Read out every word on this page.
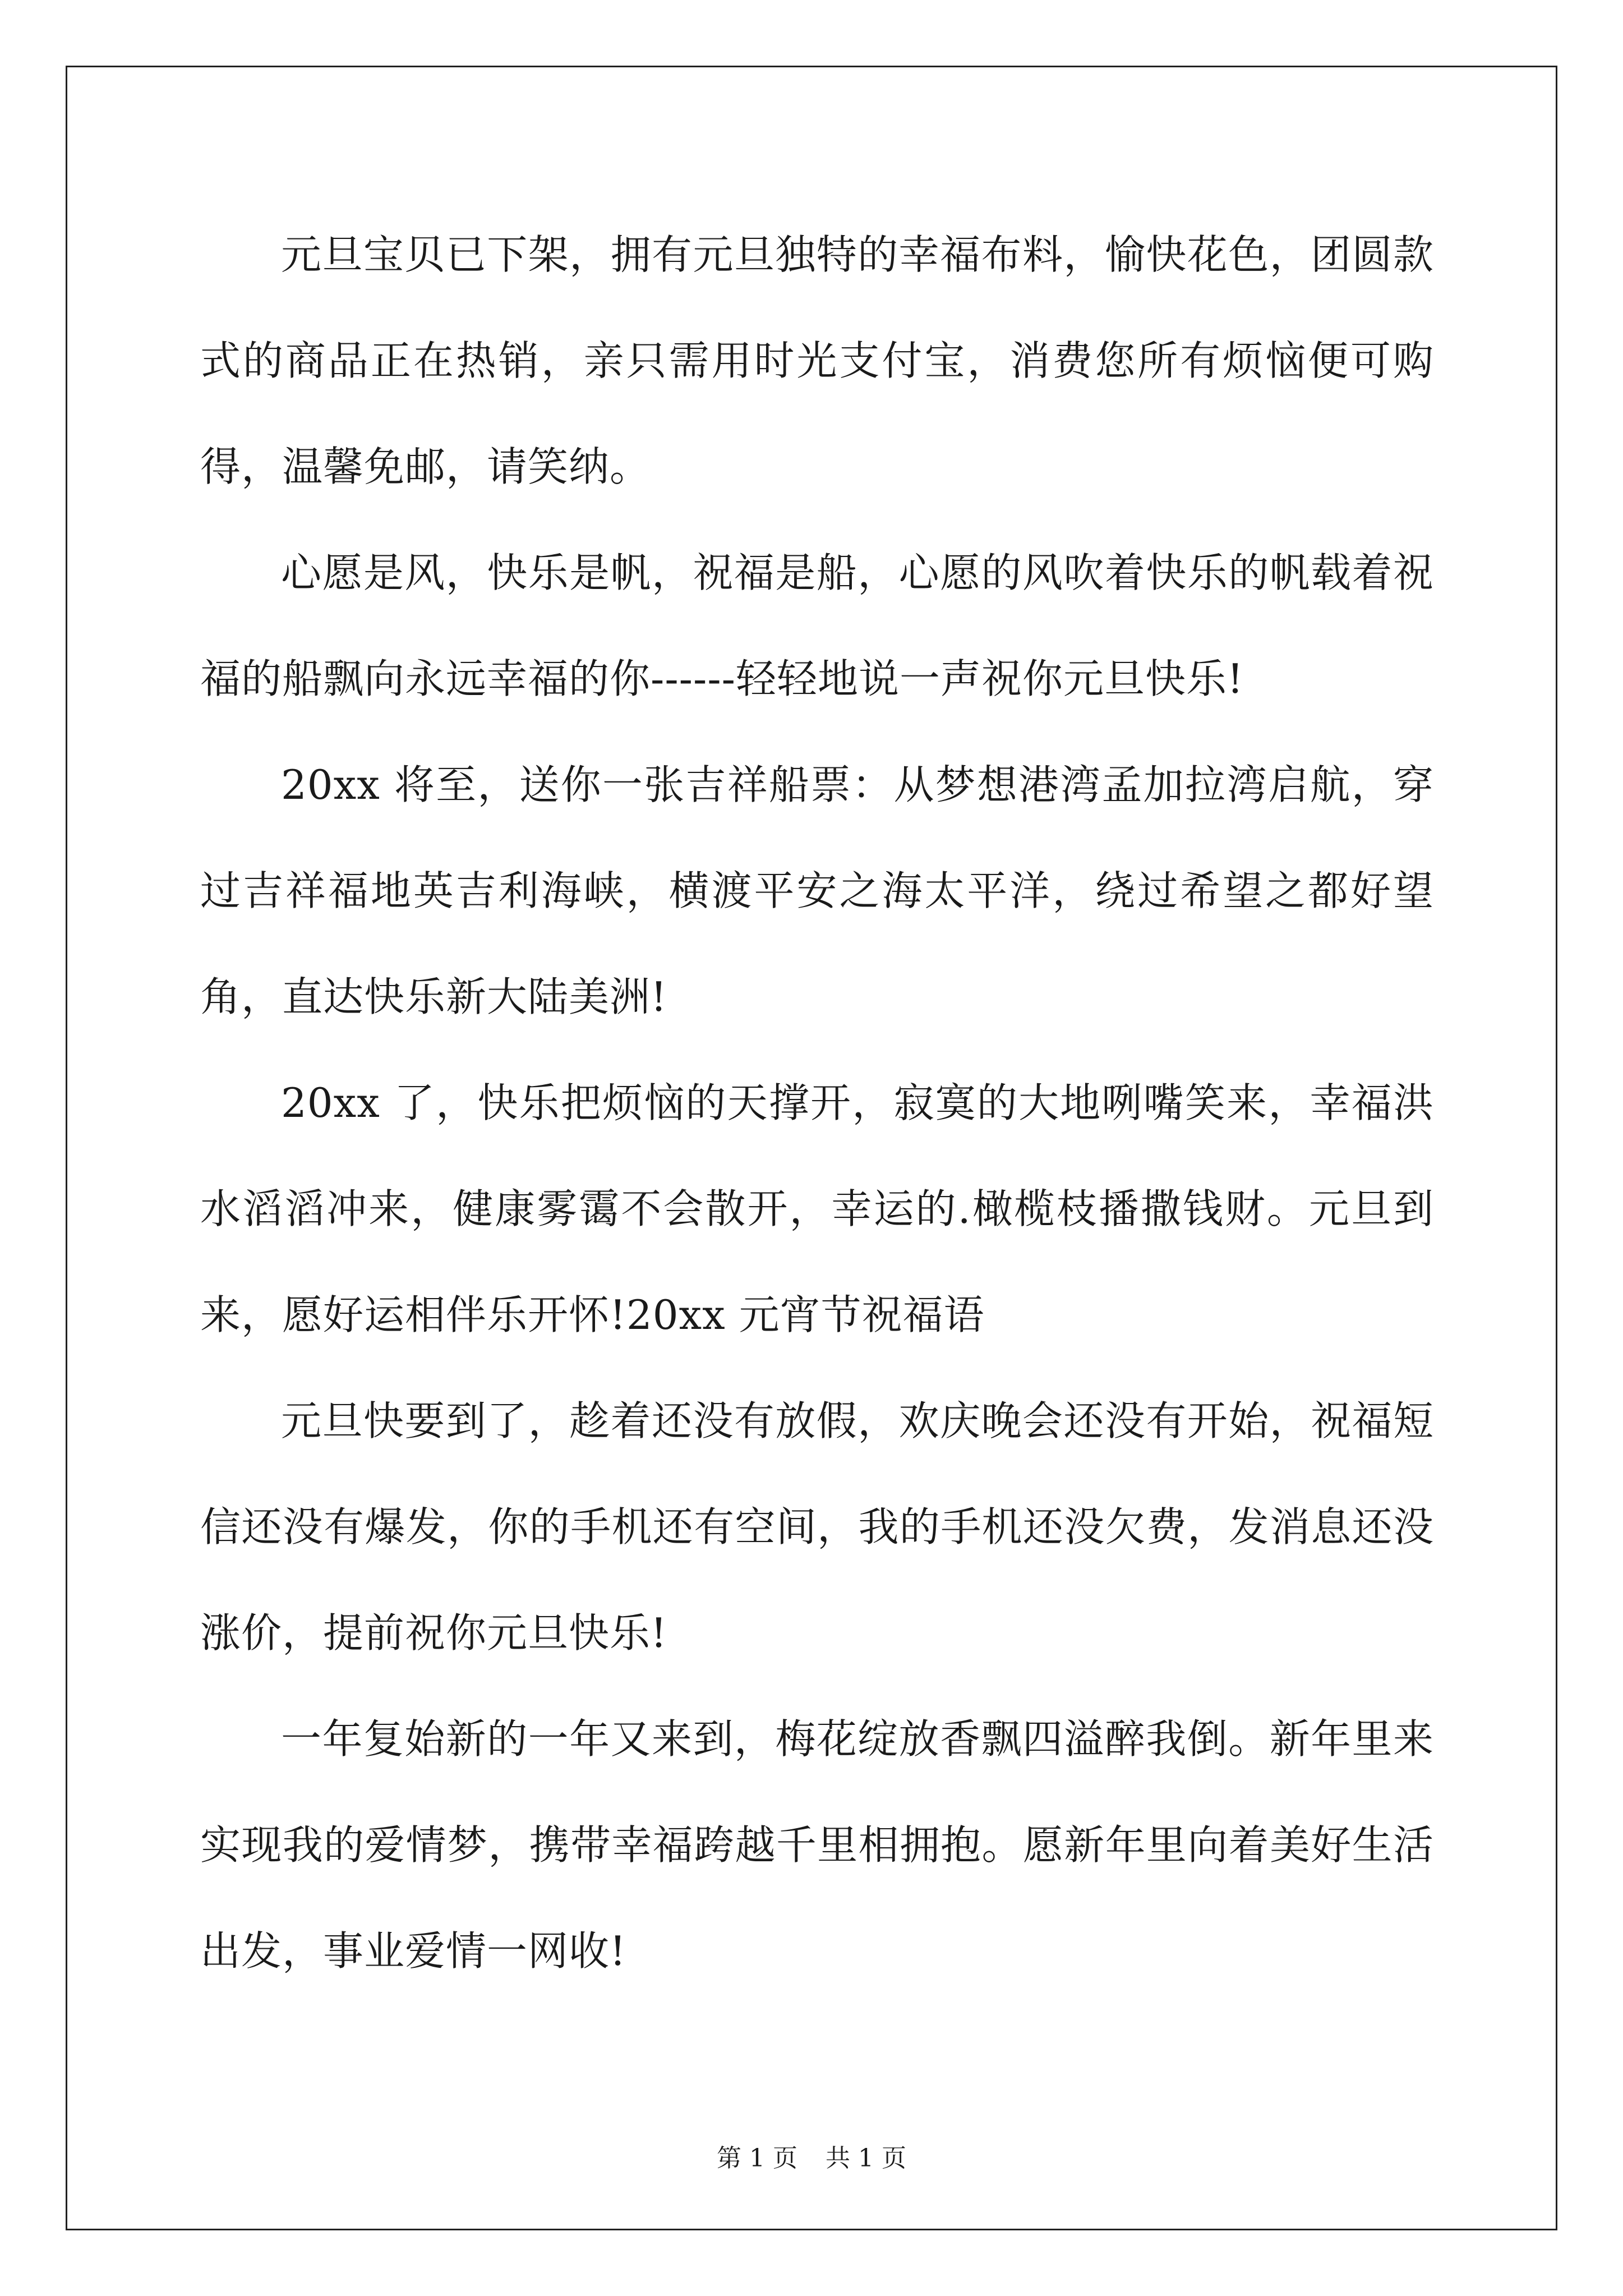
元旦宝贝已下架，拥有元旦独特的幸福布料，愉快花色，团圆款式的商品正在热销，亲只需用时光支付宝，消费您所有烦恼便可购得，温馨免邮，请笑纳。

心愿是风，快乐是帆，祝福是船，心愿的风吹着快乐的帆载着祝福的船飘向永远幸福的你------轻轻地说一声祝你元旦快乐!

20xx 将至，送你一张吉祥船票：从梦想港湾孟加拉湾启航，穿过吉祥福地英吉利海峡，横渡平安之海太平洋，绕过希望之都好望角，直达快乐新大陆美洲!

20xx 了，快乐把烦恼的天撑开，寂寞的大地咧嘴笑来，幸福洪水滔滔冲来，健康雾霭不会散开，幸运的.橄榄枝播撒钱财。元旦到来，愿好运相伴乐开怀!20xx 元宵节祝福语

元旦快要到了，趁着还没有放假，欢庆晚会还没有开始，祝福短信还没有爆发，你的手机还有空间，我的手机还没欠费，发消息还没涨价，提前祝你元旦快乐!

一年复始新的一年又来到，梅花绽放香飘四溢醉我倒。新年里来实现我的爱情梦，携带幸福跨越千里相拥抱。愿新年里向着美好生活出发，事业爱情一网收!

第 1 页 共 1 页
